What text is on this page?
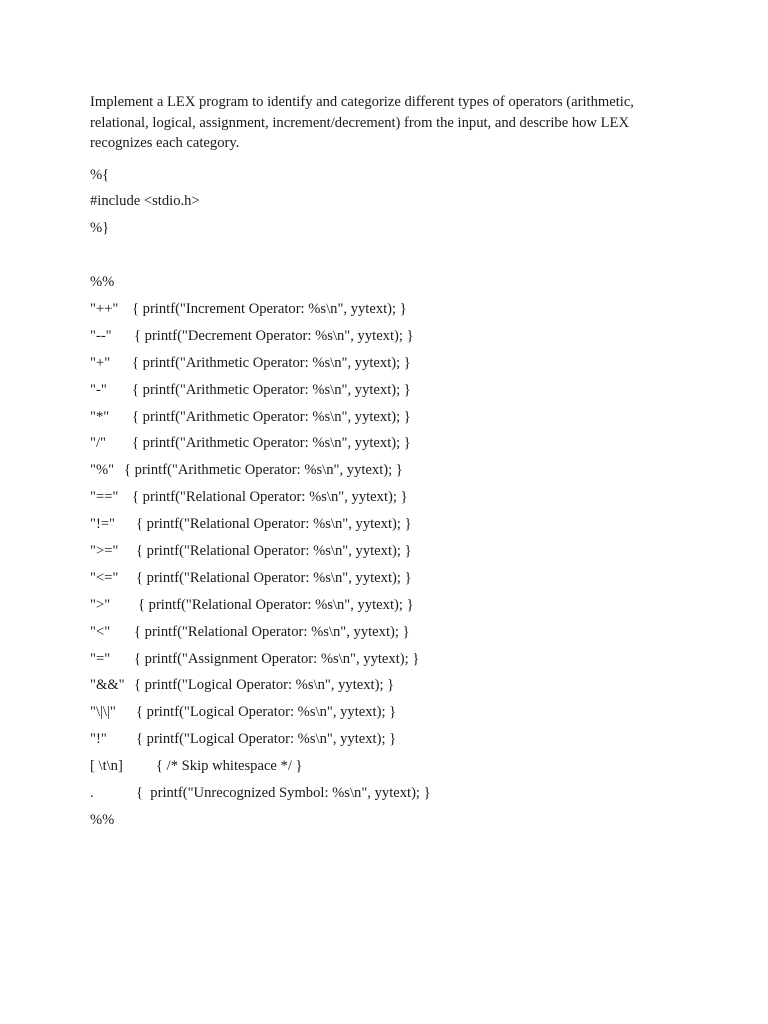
Implement a LEX program to identify and categorize different types of operators (arithmetic, relational, logical, assignment, increment/decrement) from the input, and describe how LEX recognizes each category.

%{
#include <stdio.h>
%}
%%
"++" { printf("Increment Operator: %s\n", yytext); }
"--" { printf("Decrement Operator: %s\n", yytext); }
"+" { printf("Arithmetic Operator: %s\n", yytext); }
"-" { printf("Arithmetic Operator: %s\n", yytext); }
"*" { printf("Arithmetic Operator: %s\n", yytext); }
"/" { printf("Arithmetic Operator: %s\n", yytext); }
"%" { printf("Arithmetic Operator: %s\n", yytext); }
"==" { printf("Relational Operator: %s\n", yytext); }
"!=" { printf("Relational Operator: %s\n", yytext); }
">=" { printf("Relational Operator: %s\n", yytext); }
"<=" { printf("Relational Operator: %s\n", yytext); }
">" { printf("Relational Operator: %s\n", yytext); }
"<" { printf("Relational Operator: %s\n", yytext); }
"=" { printf("Assignment Operator: %s\n", yytext); }
"&&" { printf("Logical Operator: %s\n", yytext); }
"\|\|" { printf("Logical Operator: %s\n", yytext); }
"!" { printf("Logical Operator: %s\n", yytext); }
[ \t\n] { /* Skip whitespace */ }
.	{  printf("Unrecognized Symbol: %s\n", yytext); }
%%
